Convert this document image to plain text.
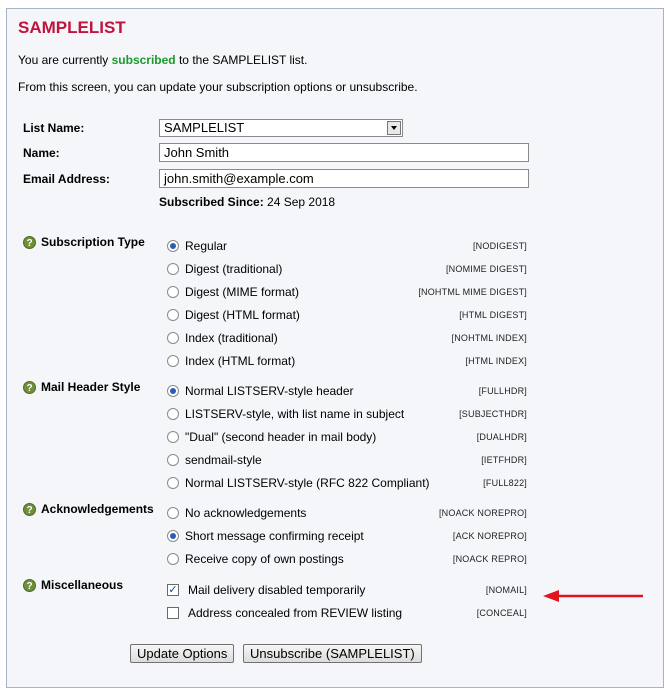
SAMPLELIST
You are currently subscribed to the SAMPLELIST list.
From this screen, you can update your subscription options or unsubscribe.
List Name:	SAMPLELIST
Name:	John Smith
Email Address:	john.smith@example.com
Subscribed Since: 24 Sep 2018
? Subscription Type	Regular	[NODIGEST]
Digest (traditional)	[NOMIME DIGEST]
Digest (MIME format)	[NOHTML MIME DIGEST]
Digest (HTML format)	[HTML DIGEST]
Index (traditional)	[NOHTML INDEX]
Index (HTML format)	[HTML INDEX]
? Mail Header Style	Normal LISTSERV-style header	[FULLHDR]
LISTSERV-style, with list name in subject	[SUBJECTHDR]
"Dual" (second header in mail body)	[DUALHDR]
sendmail-style	[IETFHDR]
Normal LISTSERV-style (RFC 822 Compliant)	[FULL822]
? Acknowledgements	No acknowledgements	[NOACK NOREPRO]
Short message confirming receipt	[ACK NOREPRO]
Receive copy of own postings	[NOACK REPRO]
? Miscellaneous	✓ Mail delivery disabled temporarily	[NOMAIL]
Address concealed from REVIEW listing	[CONCEAL]
Update Options	Unsubscribe (SAMPLELIST)
